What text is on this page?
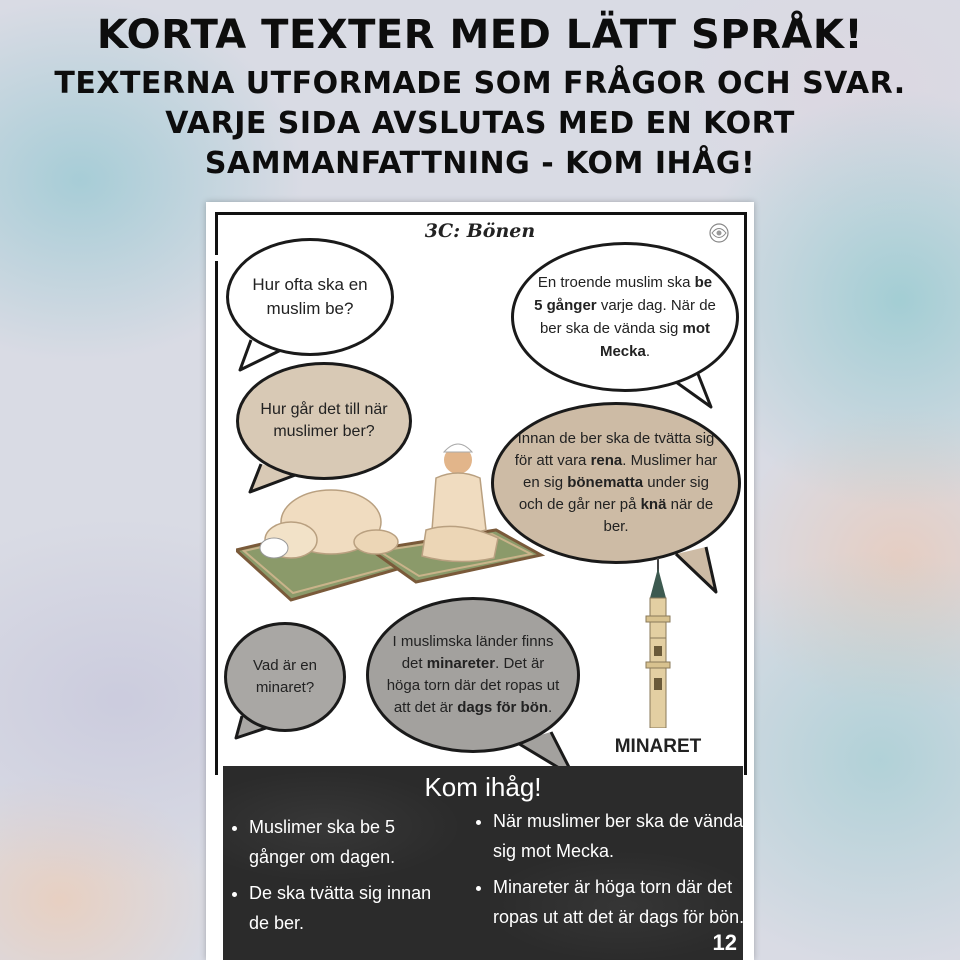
KORTA TEXTER MED LÄTT SPRÅK!
TEXTERNA UTFORMADE SOM FRÅGOR OCH SVAR.
VARJE SIDA AVSLUTAS MED EN KORT
SAMMANFATTNING - KOM IHÅG!
3C: Bönen
Hur ofta ska en muslim be?
En troende muslim ska be 5 gånger varje dag. När de ber ska de vända sig mot Mecka.
Hur går det till när muslimer ber?	Innan de ber ska de tvätta sig för att vara rena. Muslimer har en sig bönematta under sig och de går ner på knä när de ber.
Vad är en minaret?
I muslimska länder finns det minareter. Det är höga torn där det ropas ut att det är dags för bön.
MINARET
Kom ihåg!
• Muslimer ska be 5 gånger om dagen.
• De ska tvätta sig innan de ber.
• När muslimer ber ska de vända sig mot Mecka.
• Minareter är höga torn där det ropas ut att det är dags för bön.
12
